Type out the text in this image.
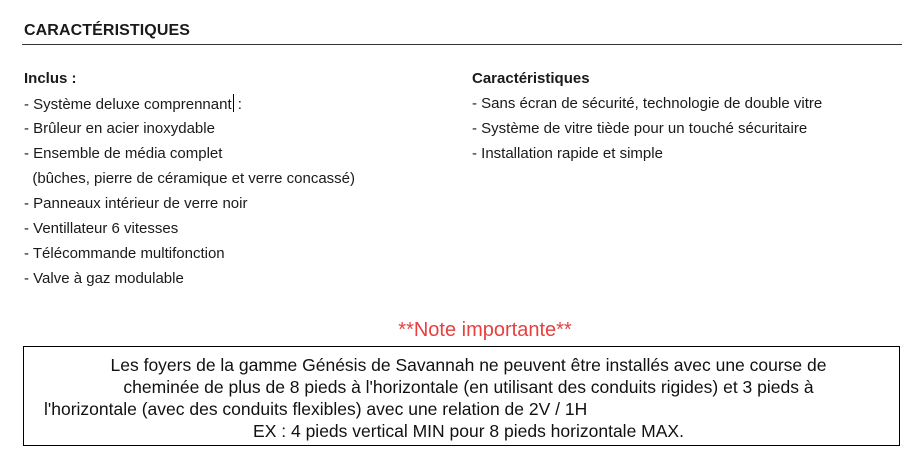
CARACTÉRISTIQUES
Inclus :
- Système deluxe comprennant :
- Brûleur en acier inoxydable
- Ensemble de média complet
(bûches, pierre de céramique et verre concassé)
- Panneaux intérieur de verre noir
- Ventillateur 6 vitesses
- Télécommande multifonction
- Valve à gaz modulable
Caractéristiques
- Sans écran de sécurité, technologie de double vitre
- Système de vitre tiède pour un touché sécuritaire
- Installation rapide et simple
**Note importante**
Les foyers de la gamme Génésis de Savannah ne peuvent être installés avec une course de
cheminée de plus de 8 pieds à l'horizontale (en utilisant des conduits rigides) et 3 pieds à
l'horizontale (avec des conduits flexibles) avec une relation de 2V / 1H
EX : 4 pieds vertical MIN pour 8 pieds horizontale MAX.
